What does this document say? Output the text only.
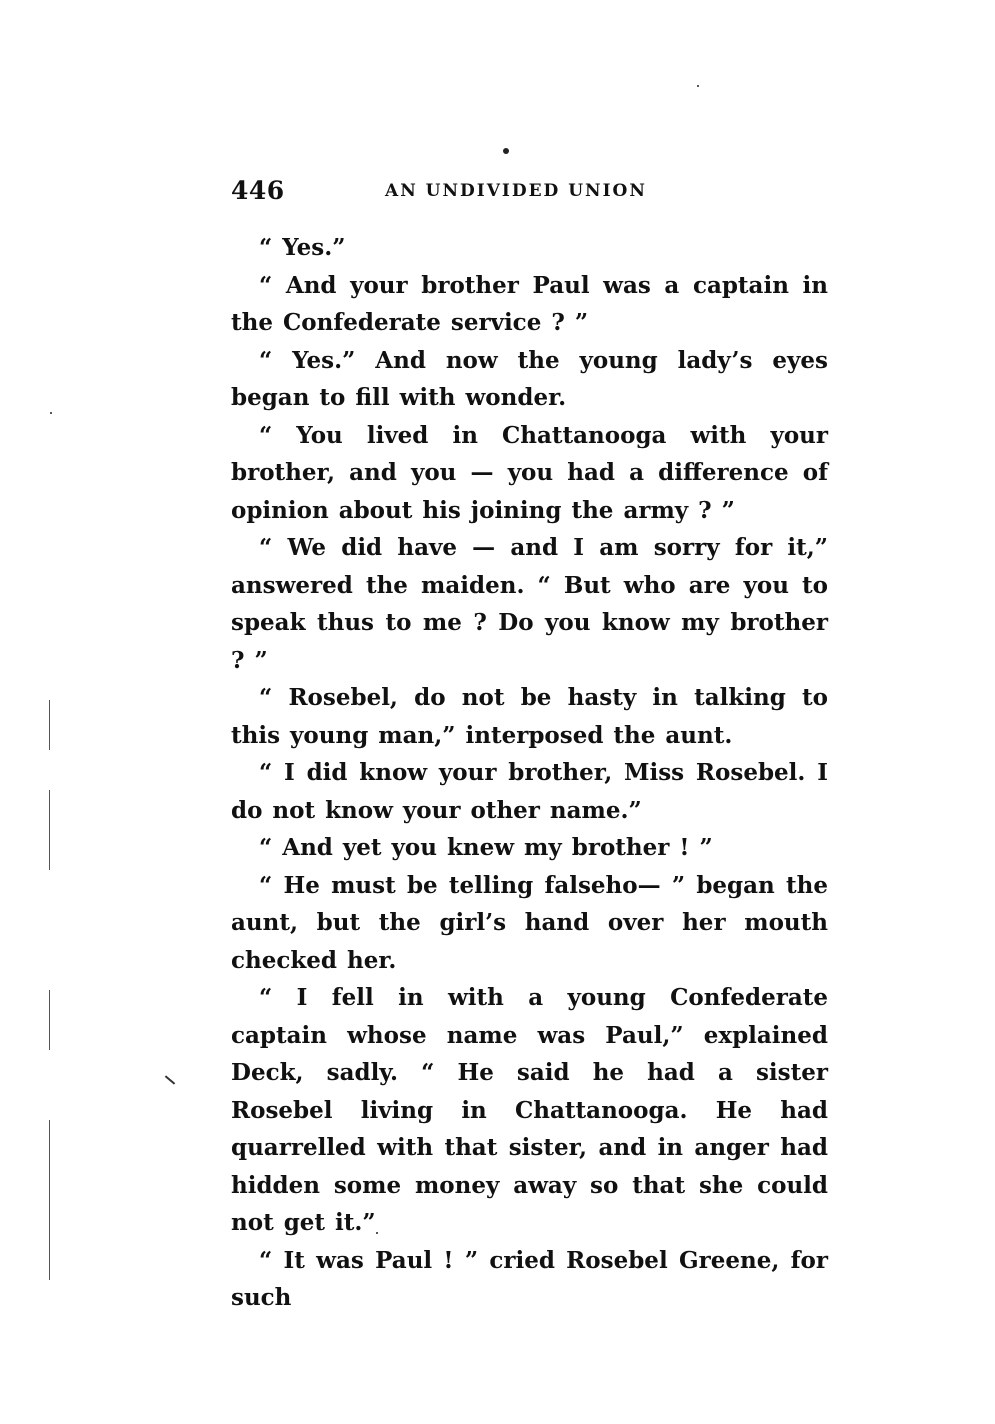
446	AN UNDIVIDED UNION

“ Yes.”

“ And your brother Paul was a captain in the Confederate service ? ”

“ Yes.” And now the young lady’s eyes began to fill with wonder.

“ You lived in Chattanooga with your brother, and you — you had a difference of opinion about his joining the army ? ”

“ We did have — and I am sorry for it,” answered the maiden. “ But who are you to speak thus to me ? Do you know my brother ? ”

“ Rosebel, do not be hasty in talking to this young man,” interposed the aunt.

“ I did know your brother, Miss Rosebel. I do not know your other name.”

“ And yet you knew my brother ! ”

“ He must be telling falseho— ” began the aunt, but the girl’s hand over her mouth checked her.

“ I fell in with a young Confederate captain whose name was Paul,” explained Deck, sadly. “ He said he had a sister Rosebel living in Chattanooga. He had quarrelled with that sister, and in anger had hidden some money away so that she could not get it.”

“ It was Paul ! ” cried Rosebel Greene, for such
